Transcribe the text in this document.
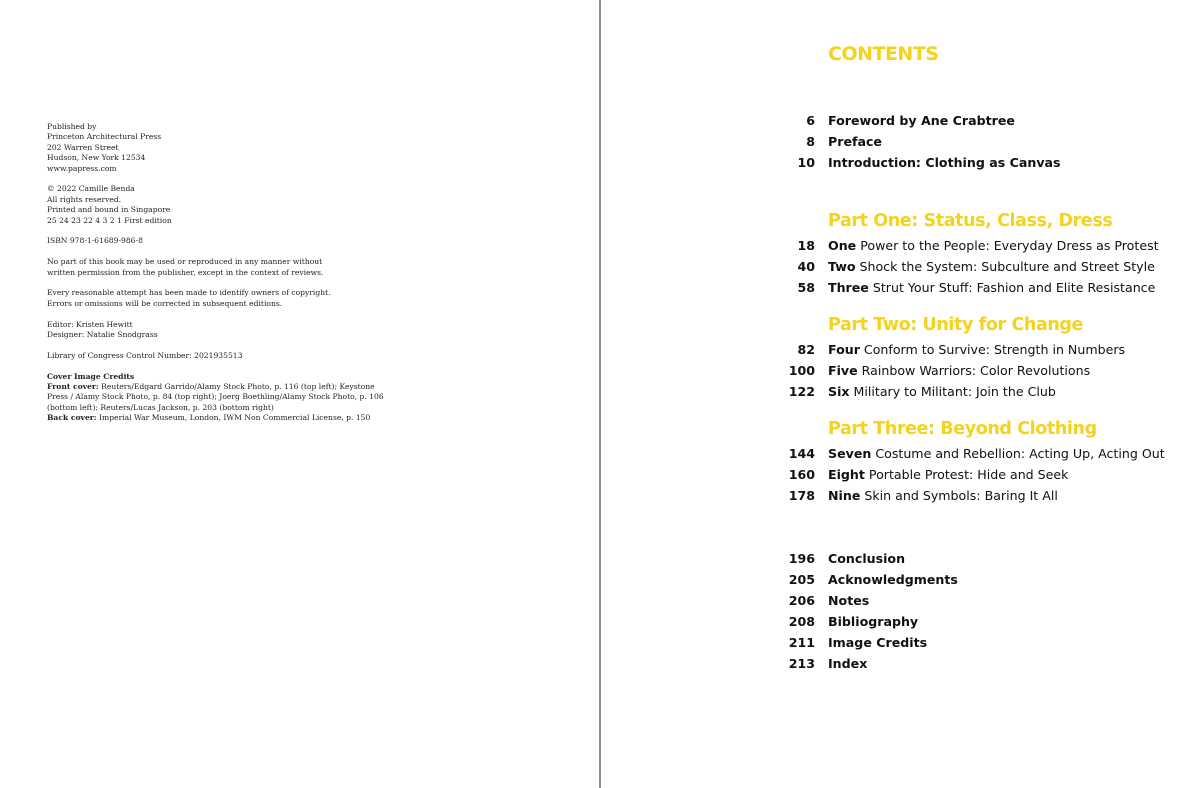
Published by
Princeton Architectural Press
202 Warren Street
Hudson, New York 12534
www.papress.com

© 2022 Camille Benda
All rights reserved.
Printed and bound in Singapore
25 24 23 22 4 3 2 1 First edition

ISBN 978-1-61689-986-8

No part of this book may be used or reproduced in any manner without
written permission from the publisher, except in the context of reviews.

Every reasonable attempt has been made to identify owners of copyright.
Errors or omissions will be corrected in subsequent editions.

Editor: Kristen Hewitt
Designer: Natalie Snodgrass

Library of Congress Control Number: 2021935513

Cover Image Credits
Front cover: Reuters/Edgard Garrido/Alamy Stock Photo, p. 116 (top left); Keystone
Press / Alamy Stock Photo, p. 84 (top right); Joerg Boethling/Alamy Stock Photo, p. 106
(bottom left); Reuters/Lucas Jackson, p. 203 (bottom right)
Back cover: Imperial War Museum, London, IWM Non Commercial License, p. 150

CONTENTS
6 Foreword by Ane Crabtree
8 Preface
10 Introduction: Clothing as Canvas
Part One: Status, Class, Dress
18 One Power to the People: Everyday Dress as Protest
40 Two Shock the System: Subculture and Street Style
58 Three Strut Your Stuff: Fashion and Elite Resistance
Part Two: Unity for Change
82 Four Conform to Survive: Strength in Numbers
100 Five Rainbow Warriors: Color Revolutions
122 Six Military to Militant: Join the Club
Part Three: Beyond Clothing
144 Seven Costume and Rebellion: Acting Up, Acting Out
160 Eight Portable Protest: Hide and Seek
178 Nine Skin and Symbols: Baring It All
196 Conclusion
205 Acknowledgments
206 Notes
208 Bibliography
211 Image Credits
213 Index
